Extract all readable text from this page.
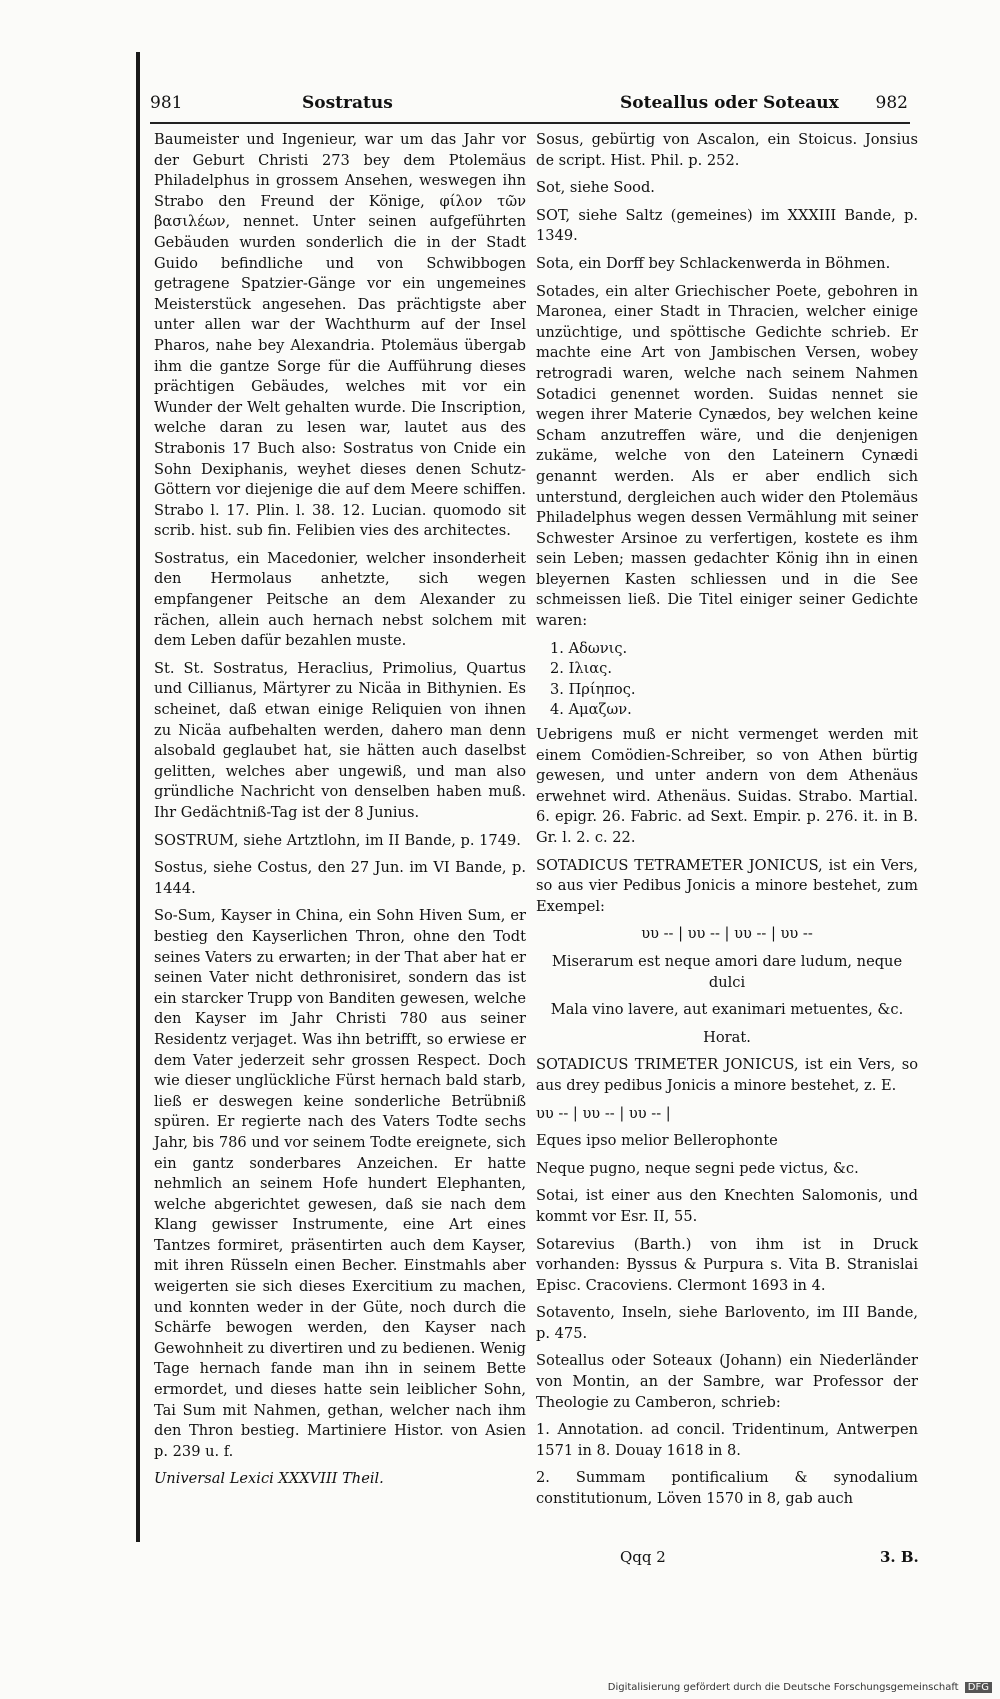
981	Sostratus	Soteallus oder Soteaux 982

Baumeister und Ingenieur, war um das Jahr vor der Geburt Christi 273 bey dem Ptolemäus Philadelphus in grossem Ansehen, weswegen ihn Strabo den Freund der Könige, φίλον τῶν βασιλέων, nennet. Unter seinen aufgeführten Gebäuden wurden sonderlich die in der Stadt Guido befindliche und von Schwibbogen getragene Spatzier-Gänge vor ein ungemeines Meisterstück angesehen. Das prächtigste aber unter allen war der Wachthurm auf der Insel Pharos, nahe bey Alexandria. Ptolemäus übergab ihm die gantze Sorge für die Aufführung dieses prächtigen Gebäudes, welches mit vor ein Wunder der Welt gehalten wurde. Die Inscription, welche daran zu lesen war, lautet aus des Strabonis 17 Buch also: Sostratus von Cnide ein Sohn Dexiphanis, weyhet dieses denen Schutz-Göttern vor diejenige die auf dem Meere schiffen. Strabo l. 17. Plin. l. 38. 12. Lucian. quomodo sit scrib. hist. sub fin. Felibien vies des architectes.

Sostratus, ein Macedonier, welcher insonderheit den Hermolaus anhetzte, sich wegen empfangener Peitsche an dem Alexander zu rächen, allein auch hernach nebst solchem mit dem Leben dafür bezahlen muste.

St. St. Sostratus, Heraclius, Primolius, Quartus und Cillianus, Märtyrer zu Nicäa in Bithynien. Es scheinet, daß etwan einige Reliquien von ihnen zu Nicäa aufbehalten werden, dahero man denn alsobald geglaubet hat, sie hätten auch daselbst gelitten, welches aber ungewiß, und man also gründliche Nachricht von denselben haben muß. Ihr Gedächtniß-Tag ist der 8 Junius.

SOSTRUM, siehe Artztlohn, im II Bande, p. 1749.

Sostus, siehe Costus, den 27 Jun. im VI Bande, p. 1444.

So-Sum, Kayser in China, ein Sohn Hiven Sum, er bestieg den Kayserlichen Thron, ohne den Todt seines Vaters zu erwarten; in der That aber hat er seinen Vater nicht dethronisiret, sondern das ist ein starcker Trupp von Banditen gewesen, welche den Kayser im Jahr Christi 780 aus seiner Residentz verjaget. Was ihn betrifft, so erwiese er dem Vater jederzeit sehr grossen Respect. Doch wie dieser unglückliche Fürst hernach bald starb, ließ er deswegen keine sonderliche Betrübniß spüren. Er regierte nach des Vaters Todte sechs Jahr, bis 786 und vor seinem Todte ereignete, sich ein gantz sonderbares Anzeichen. Er hatte nehmlich an seinem Hofe hundert Elephanten, welche abgerichtet gewesen, daß sie nach dem Klang gewisser Instrumente, eine Art eines Tantzes formiret, präsentirten auch dem Kayser, mit ihren Rüsseln einen Becher. Einstmahls aber weigerten sie sich dieses Exercitium zu machen, und konnten weder in der Güte, noch durch die Schärfe bewogen werden, den Kayser nach Gewohnheit zu divertiren und zu bedienen. Wenig Tage hernach fande man ihn in seinem Bette ermordet, und dieses hatte sein leiblicher Sohn, Tai Sum mit Nahmen, gethan, welcher nach ihm den Thron bestieg. Martiniere Histor. von Asien p. 239 u. f.

Universal Lexici XXXVIII Theil.

Sosus, gebürtig von Ascalon, ein Stoicus. Jonsius de script. Hist. Phil. p. 252.

Sot, siehe Sood.

SOT, siehe Saltz (gemeines) im XXXIII Bande, p. 1349.

Sota, ein Dorff bey Schlackenwerda in Böhmen.

Sotades, ein alter Griechischer Poete, gebohren in Maronea, einer Stadt in Thracien, welcher einige unzüchtige, und spöttische Gedichte schrieb. Er machte eine Art von Jambischen Versen, wobey retrogradi waren, welche nach seinem Nahmen Sotadici genennet worden. Suidas nennet sie wegen ihrer Materie Cynædos, bey welchen keine Scham anzutreffen wäre, und die denjenigen zukäme, welche von den Lateinern Cynædi genannt werden. Als er aber endlich sich unterstund, dergleichen auch wider den Ptolemäus Philadelphus wegen dessen Vermählung mit seiner Schwester Arsinoe zu verfertigen, kostete es ihm sein Leben; massen gedachter König ihn in einen bleyernen Kasten schliessen und in die See schmeissen ließ. Die Titel einiger seiner Gedichte waren:

1. Αδωνις.
2. Ιλιας.
3. Πρίηπος.
4. Αμαζων.

Uebrigens muß er nicht vermenget werden mit einem Comödien-Schreiber, so von Athen bürtig gewesen, und unter andern von dem Athenäus erwehnet wird. Athenäus. Suidas. Strabo. Martial. 6. epigr. 26. Fabric. ad Sext. Empir. p. 276. it. in B. Gr. l. 2. c. 22.

SOTADICUS TETRAMETER JONICUS, ist ein Vers, so aus vier Pedibus Jonicis a minore bestehet, zum Exempel:

υυ -- | υυ -- | υυ -- | υυ --

Miserarum est neque amori dare ludum, neque dulci

Mala vino lavere, aut exanimari metuentes, &c.

Horat.

SOTADICUS TRIMETER JONICUS, ist ein Vers, so aus drey pedibus Jonicis a minore bestehet, z. E.

υυ -- | υυ -- | υυ -- |

Eques ipso melior Bellerophonte

Neque pugno, neque segni pede victus, &c.

Sotai, ist einer aus den Knechten Salomonis, und kommt vor Esr. II, 55.

Sotarevius (Barth.) von ihm ist in Druck vorhanden: Byssus & Purpura s. Vita B. Stranislai Episc. Cracoviens. Clermont 1693 in 4.

Sotavento, Inseln, siehe Barlovento, im III Bande, p. 475.

Soteallus oder Soteaux (Johann) ein Niederländer von Montin, an der Sambre, war Professor der Theologie zu Camberon, schrieb:

1. Annotation. ad concil. Tridentinum, Antwerpen 1571 in 8. Douay 1618 in 8.

2. Summam pontificalium & synodalium constitutionum, Löven 1570 in 8, gab auch

Qqq 2	3. B.
Digitalisierung gefördert durch die Deutsche Forschungsgemeinschaft DFG
